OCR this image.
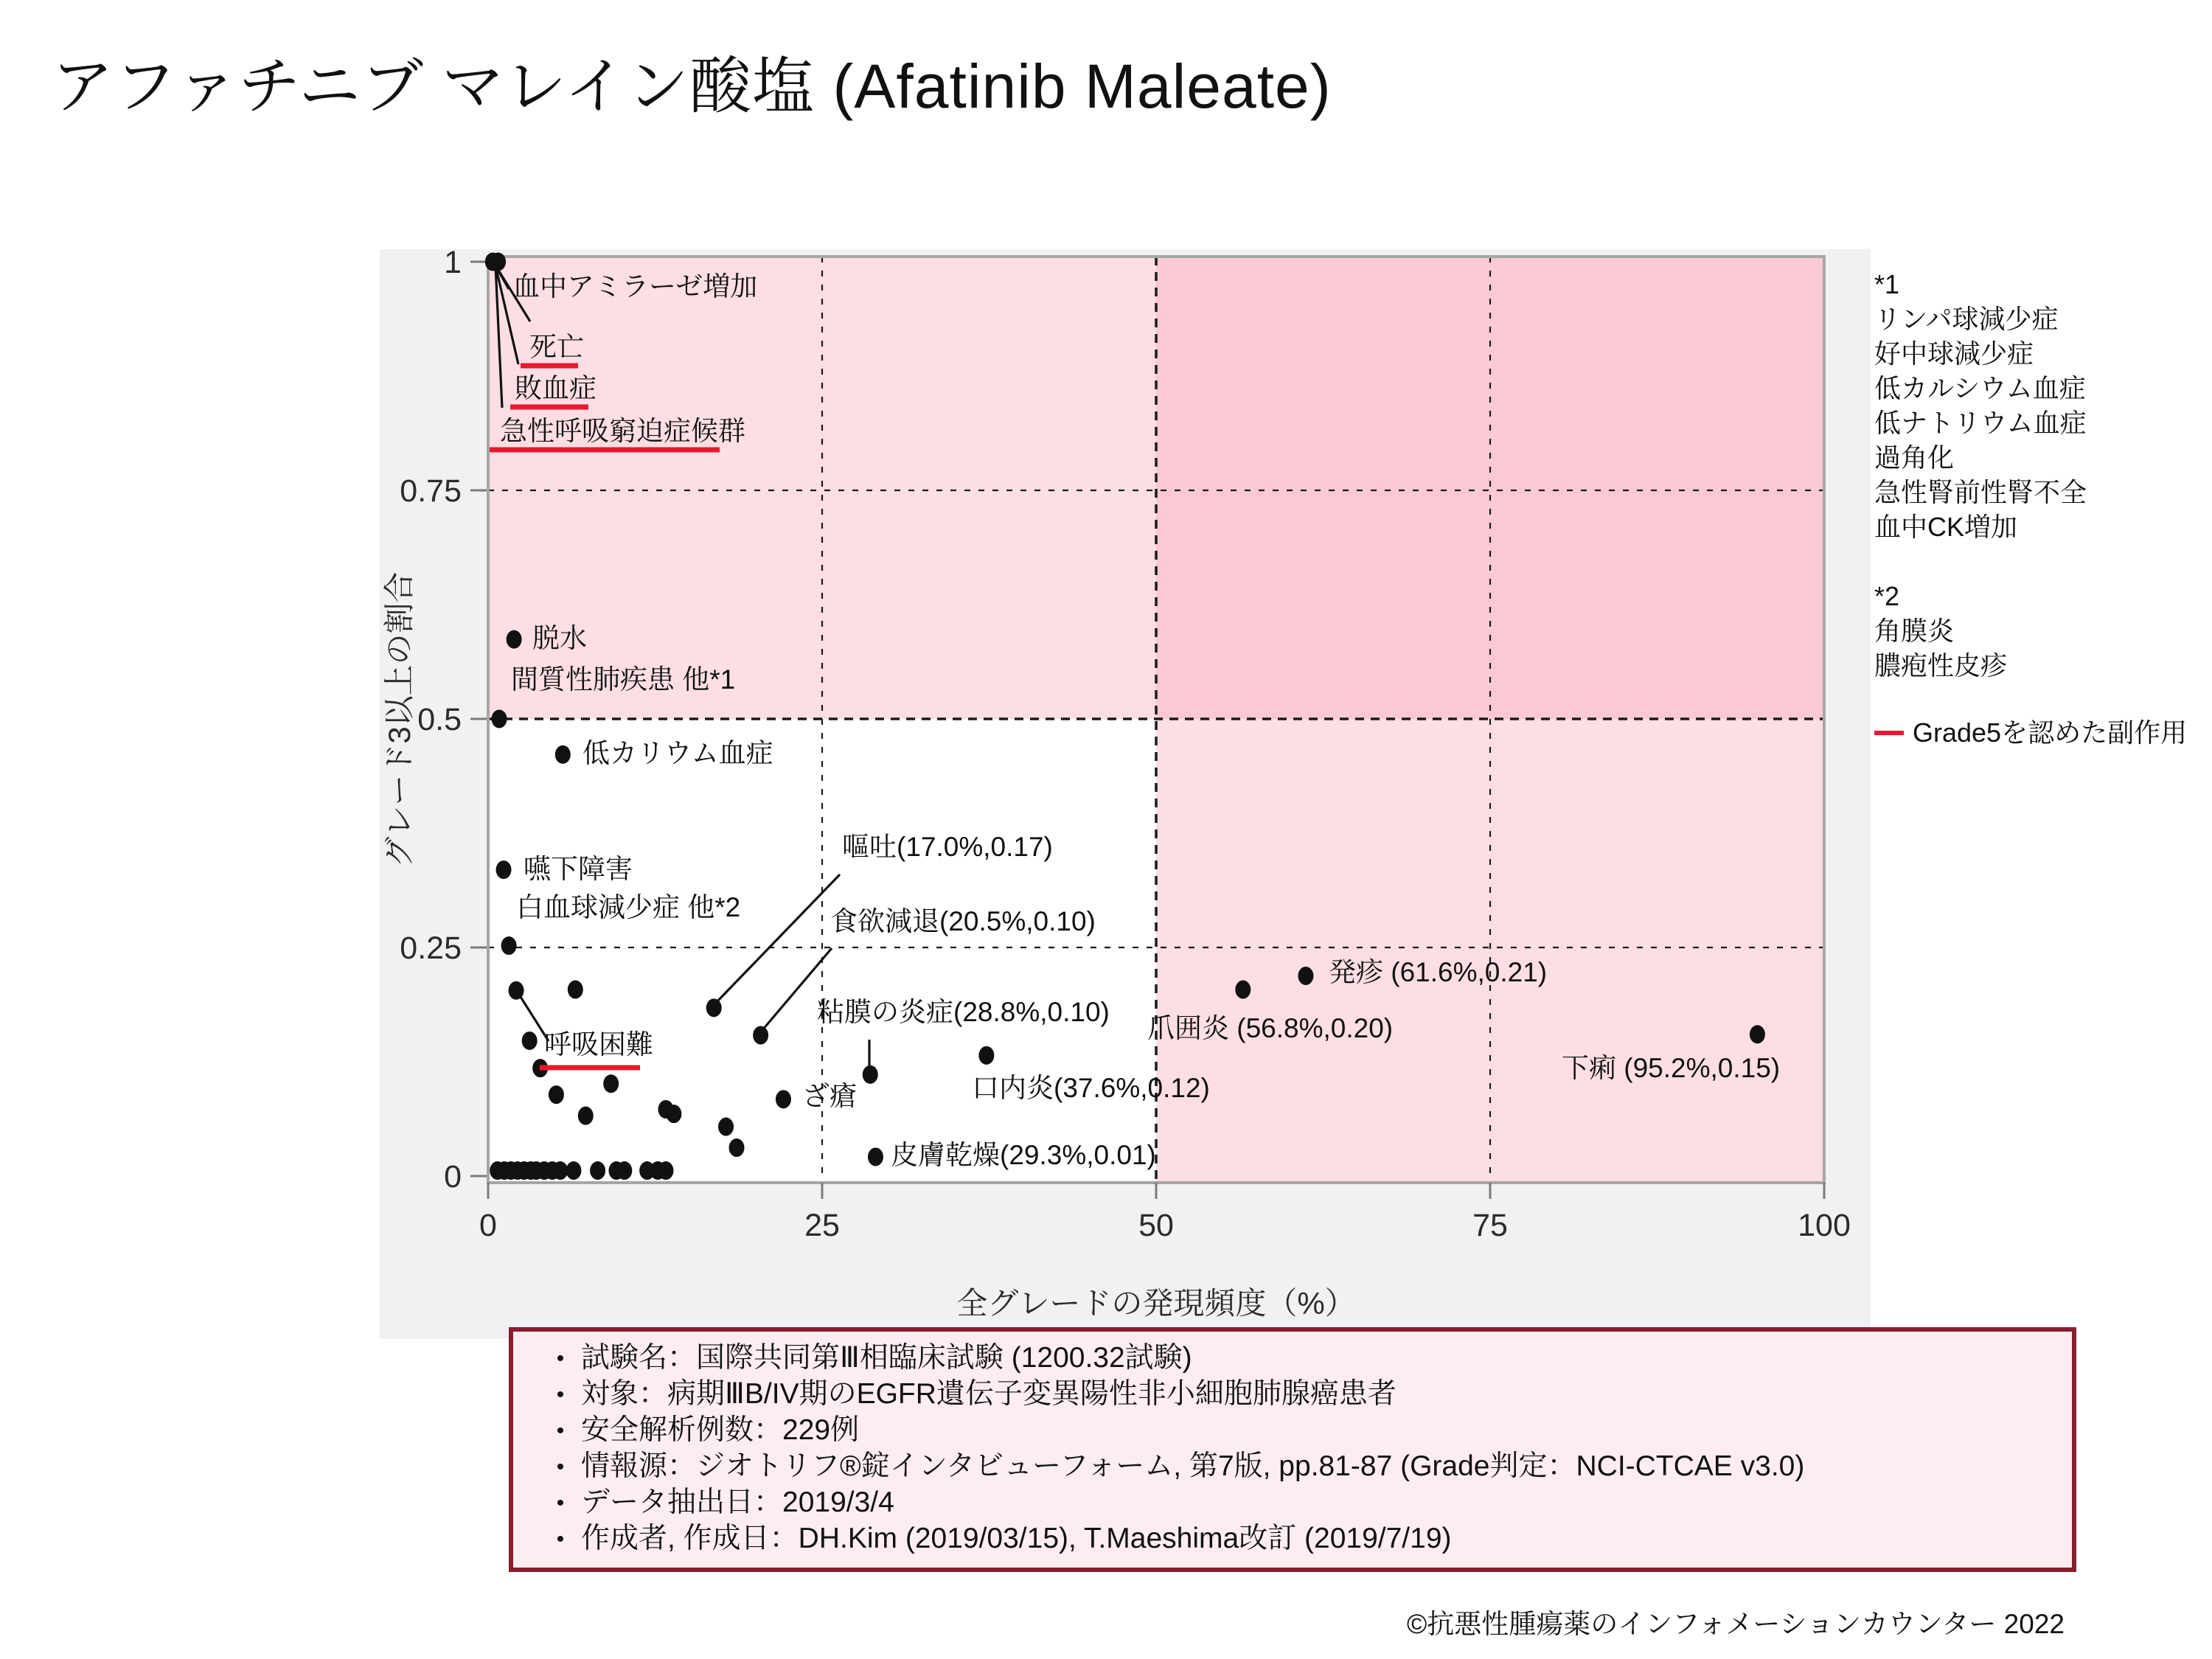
アファチニブ マレイン酸塩 (Afatinib Maleate)
0
0.25
0.5
0.75
1
0	25	50	75	100
全グレードの発現頻度（%）
グレード3以上の割合
血中アミラーゼ増加
死亡
敗血症
急性呼吸窮迫症候群
脱水
間質性肺疾患 他*1
低カリウム血症
嚥下障害
白血球減少症 他*2
呼吸困難
嘔吐(17.0%,0.17)
食欲減退(20.5%,0.10)
粘膜の炎症(28.8%,0.10)
口内炎(37.6%,0.12)
ざ瘡
皮膚乾燥(29.3%,0.01)
発疹 (61.6%,0.21)
爪囲炎 (56.8%,0.20)
下痢 (95.2%,0.15)
*1
リンパ球減少症
好中球減少症
低カルシウム血症
低ナトリウム血症
過角化
急性腎前性腎不全
血中CK増加
*2
角膜炎
膿疱性皮疹
Grade5を認めた副作用
• 試験名：国際共同第Ⅲ相臨床試験 (1200.32試験)
• 対象：病期ⅢB/IV期のEGFR遺伝子変異陽性非小細胞肺腺癌患者
• 安全解析例数：229例
• 情報源：ジオトリフ®錠インタビューフォーム, 第7版, pp.81-87 (Grade判定：NCI-CTCAE v3.0)
• データ抽出日：2019/3/4
• 作成者, 作成日：DH.Kim (2019/03/15), T.Maeshima改訂 (2019/7/19)
©抗悪性腫瘍薬のインフォメーションカウンター 2022
